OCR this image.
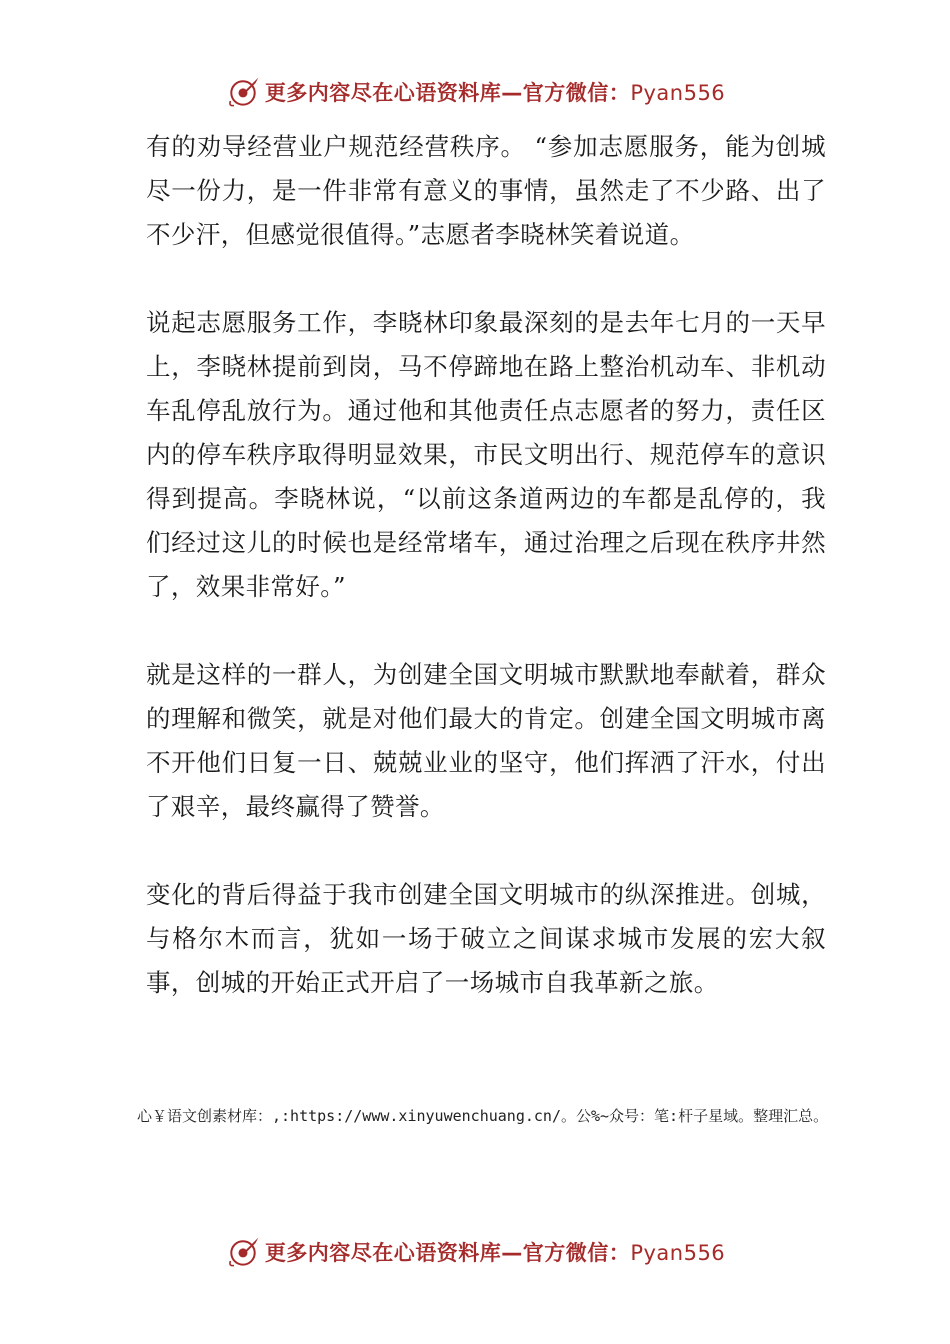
更多内容尽在心语资料库—官方微信：Pyan556

有的劝导经营业户规范经营秩序。 “参加志愿服务，能为创城尽一份力，是一件非常有意义的事情，虽然走了不少路、出了不少汗，但感觉很值得。”志愿者李晓林笑着说道。

说起志愿服务工作，李晓林印象最深刻的是去年七月的一天早上，李晓林提前到岗，马不停蹄地在路上整治机动车、非机动车乱停乱放行为。通过他和其他责任点志愿者的努力，责任区内的停车秩序取得明显效果，市民文明出行、规范停车的意识得到提高。李晓林说，“以前这条道两边的车都是乱停的，我们经过这儿的时候也是经常堵车，通过治理之后现在秩序井然了，效果非常好。”

就是这样的一群人，为创建全国文明城市默默地奉献着，群众的理解和微笑，就是对他们最大的肯定。创建全国文明城市离不开他们日复一日、兢兢业业的坚守，他们挥洒了汗水，付出了艰辛，最终赢得了赞誉。

变化的背后得益于我市创建全国文明城市的纵深推进。创城，与格尔木而言，犹如一场于破立之间谋求城市发展的宏大叙事，创城的开始正式开启了一场城市自我革新之旅。

心￥语文创素材库：,:https://www.xinyuwenchuang.cn/。公%~众号：笔:杆子星域。整理汇总。
更多内容尽在心语资料库—官方微信：Pyan556
